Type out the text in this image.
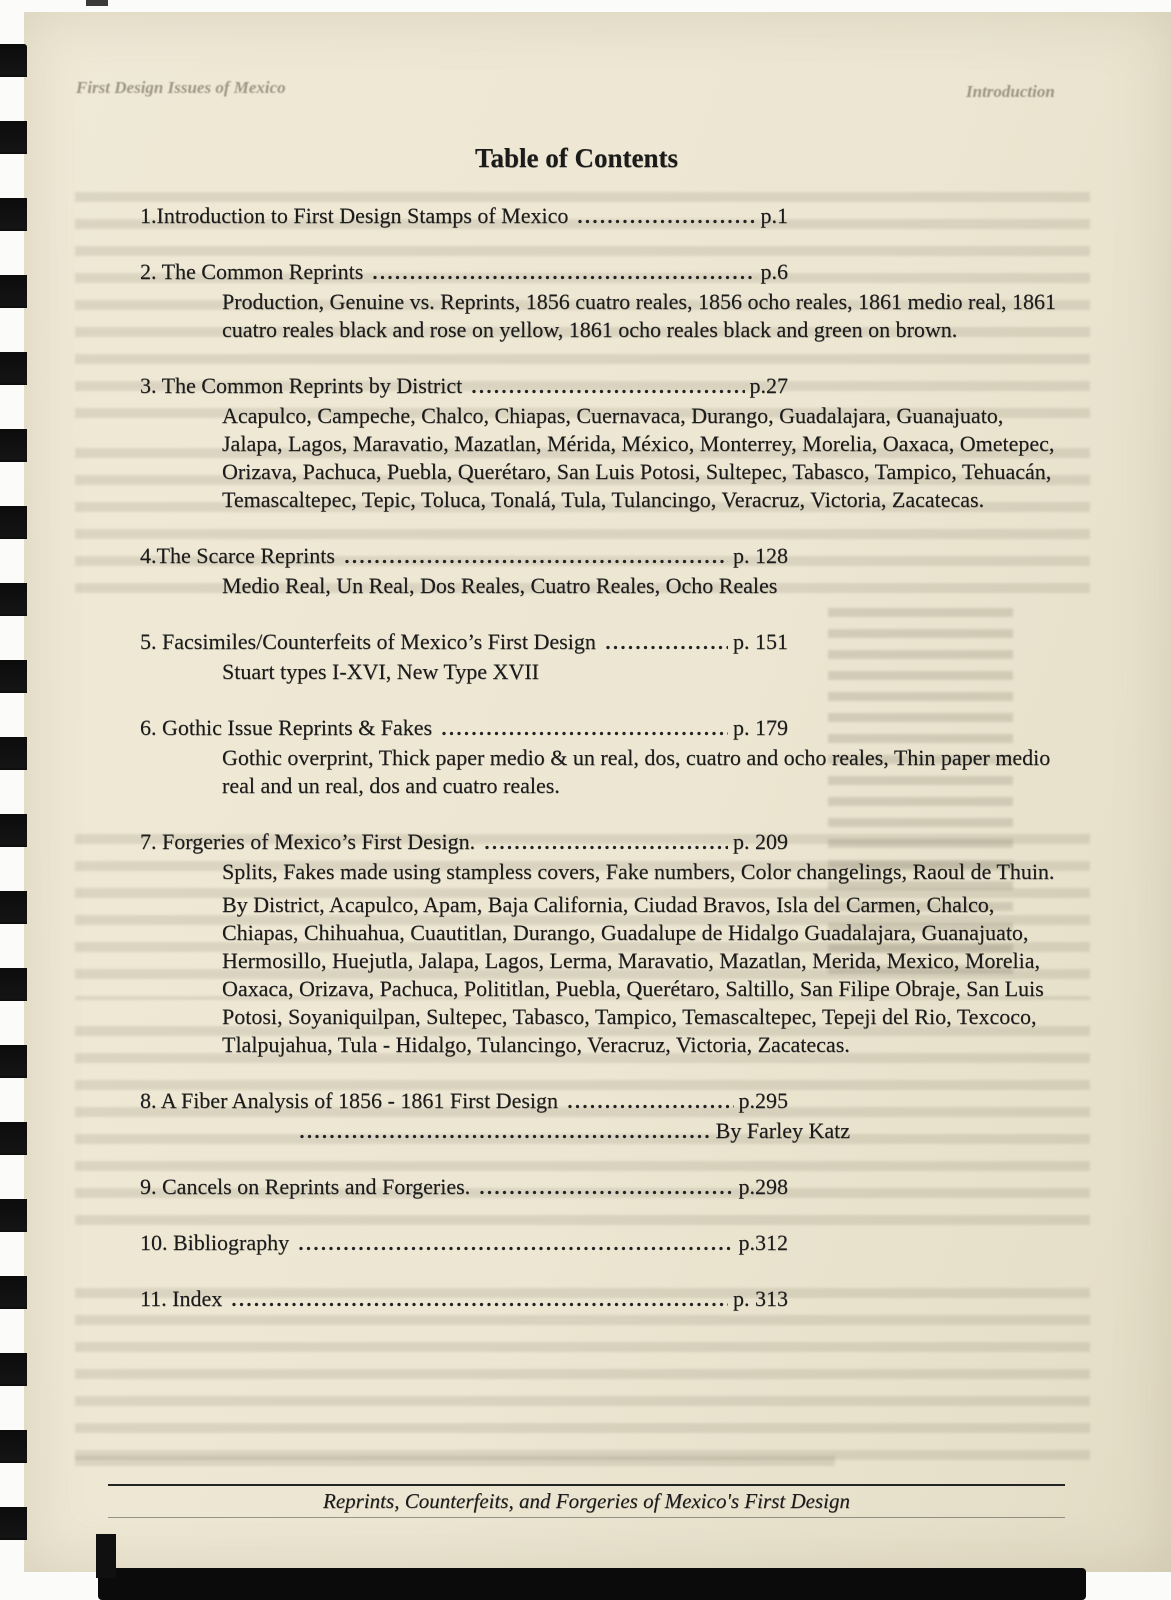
First Design Issues of Mexico	Introduction
Table of Contents
1.Introduction to First Design Stamps of Mexico	p.1
2. The Common Reprints	p.6

Production, Genuine vs. Reprints, 1856 cuatro reales, 1856 ocho reales, 1861 medio real, 1861 cuatro reales black and rose on yellow, 1861 ocho reales black and green on brown.

3. The Common Reprints by District	p.27

Acapulco, Campeche, Chalco, Chiapas, Cuernavaca, Durango, Guadalajara, Guanajuato, Jalapa, Lagos, Maravatio, Mazatlan, Mérida, México, Monterrey, Morelia, Oaxaca, Ometepec, Orizava, Pachuca, Puebla, Querétaro, San Luis Potosi, Sultepec, Tabasco, Tampico, Tehuacán, Temascaltepec, Tepic, Toluca, Tonalá, Tula, Tulancingo, Veracruz, Victoria, Zacatecas.

4.The Scarce Reprints	p. 128

Medio Real, Un Real, Dos Reales, Cuatro Reales, Ocho Reales

5. Facsimiles/Counterfeits of Mexico’s First Design	p. 151

Stuart types I-XVI, New Type XVII

6. Gothic Issue Reprints & Fakes	p. 179

Gothic overprint, Thick paper medio & un real, dos, cuatro and ocho reales, Thin paper medio real and un real, dos and cuatro reales.

7. Forgeries of Mexico’s First Design.	p. 209

Splits, Fakes made using stampless covers, Fake numbers, Color changelings, Raoul de Thuin.

By District, Acapulco, Apam, Baja California, Ciudad Bravos, Isla del Carmen, Chalco, Chiapas, Chihuahua, Cuautitlan, Durango, Guadalupe de Hidalgo Guadalajara, Guanajuato, Hermosillo, Huejutla, Jalapa, Lagos, Lerma, Maravatio, Mazatlan, Merida, Mexico, Morelia, Oaxaca, Orizava, Pachuca, Polititlan, Puebla, Querétaro, Saltillo, San Filipe Obraje, San Luis Potosi, Soyaniquilpan, Sultepec, Tabasco, Tampico, Temascaltepec, Tepeji del Rio, Texcoco, Tlalpujahua, Tula - Hidalgo, Tulancingo, Veracruz, Victoria, Zacatecas.

8. A Fiber Analysis of 1856 - 1861 First Design	p.295
By Farley Katz
9. Cancels on Reprints and Forgeries.	p.298
10. Bibliography	p.312
11. Index	p. 313
Reprints, Counterfeits, and Forgeries of Mexico's First Design
